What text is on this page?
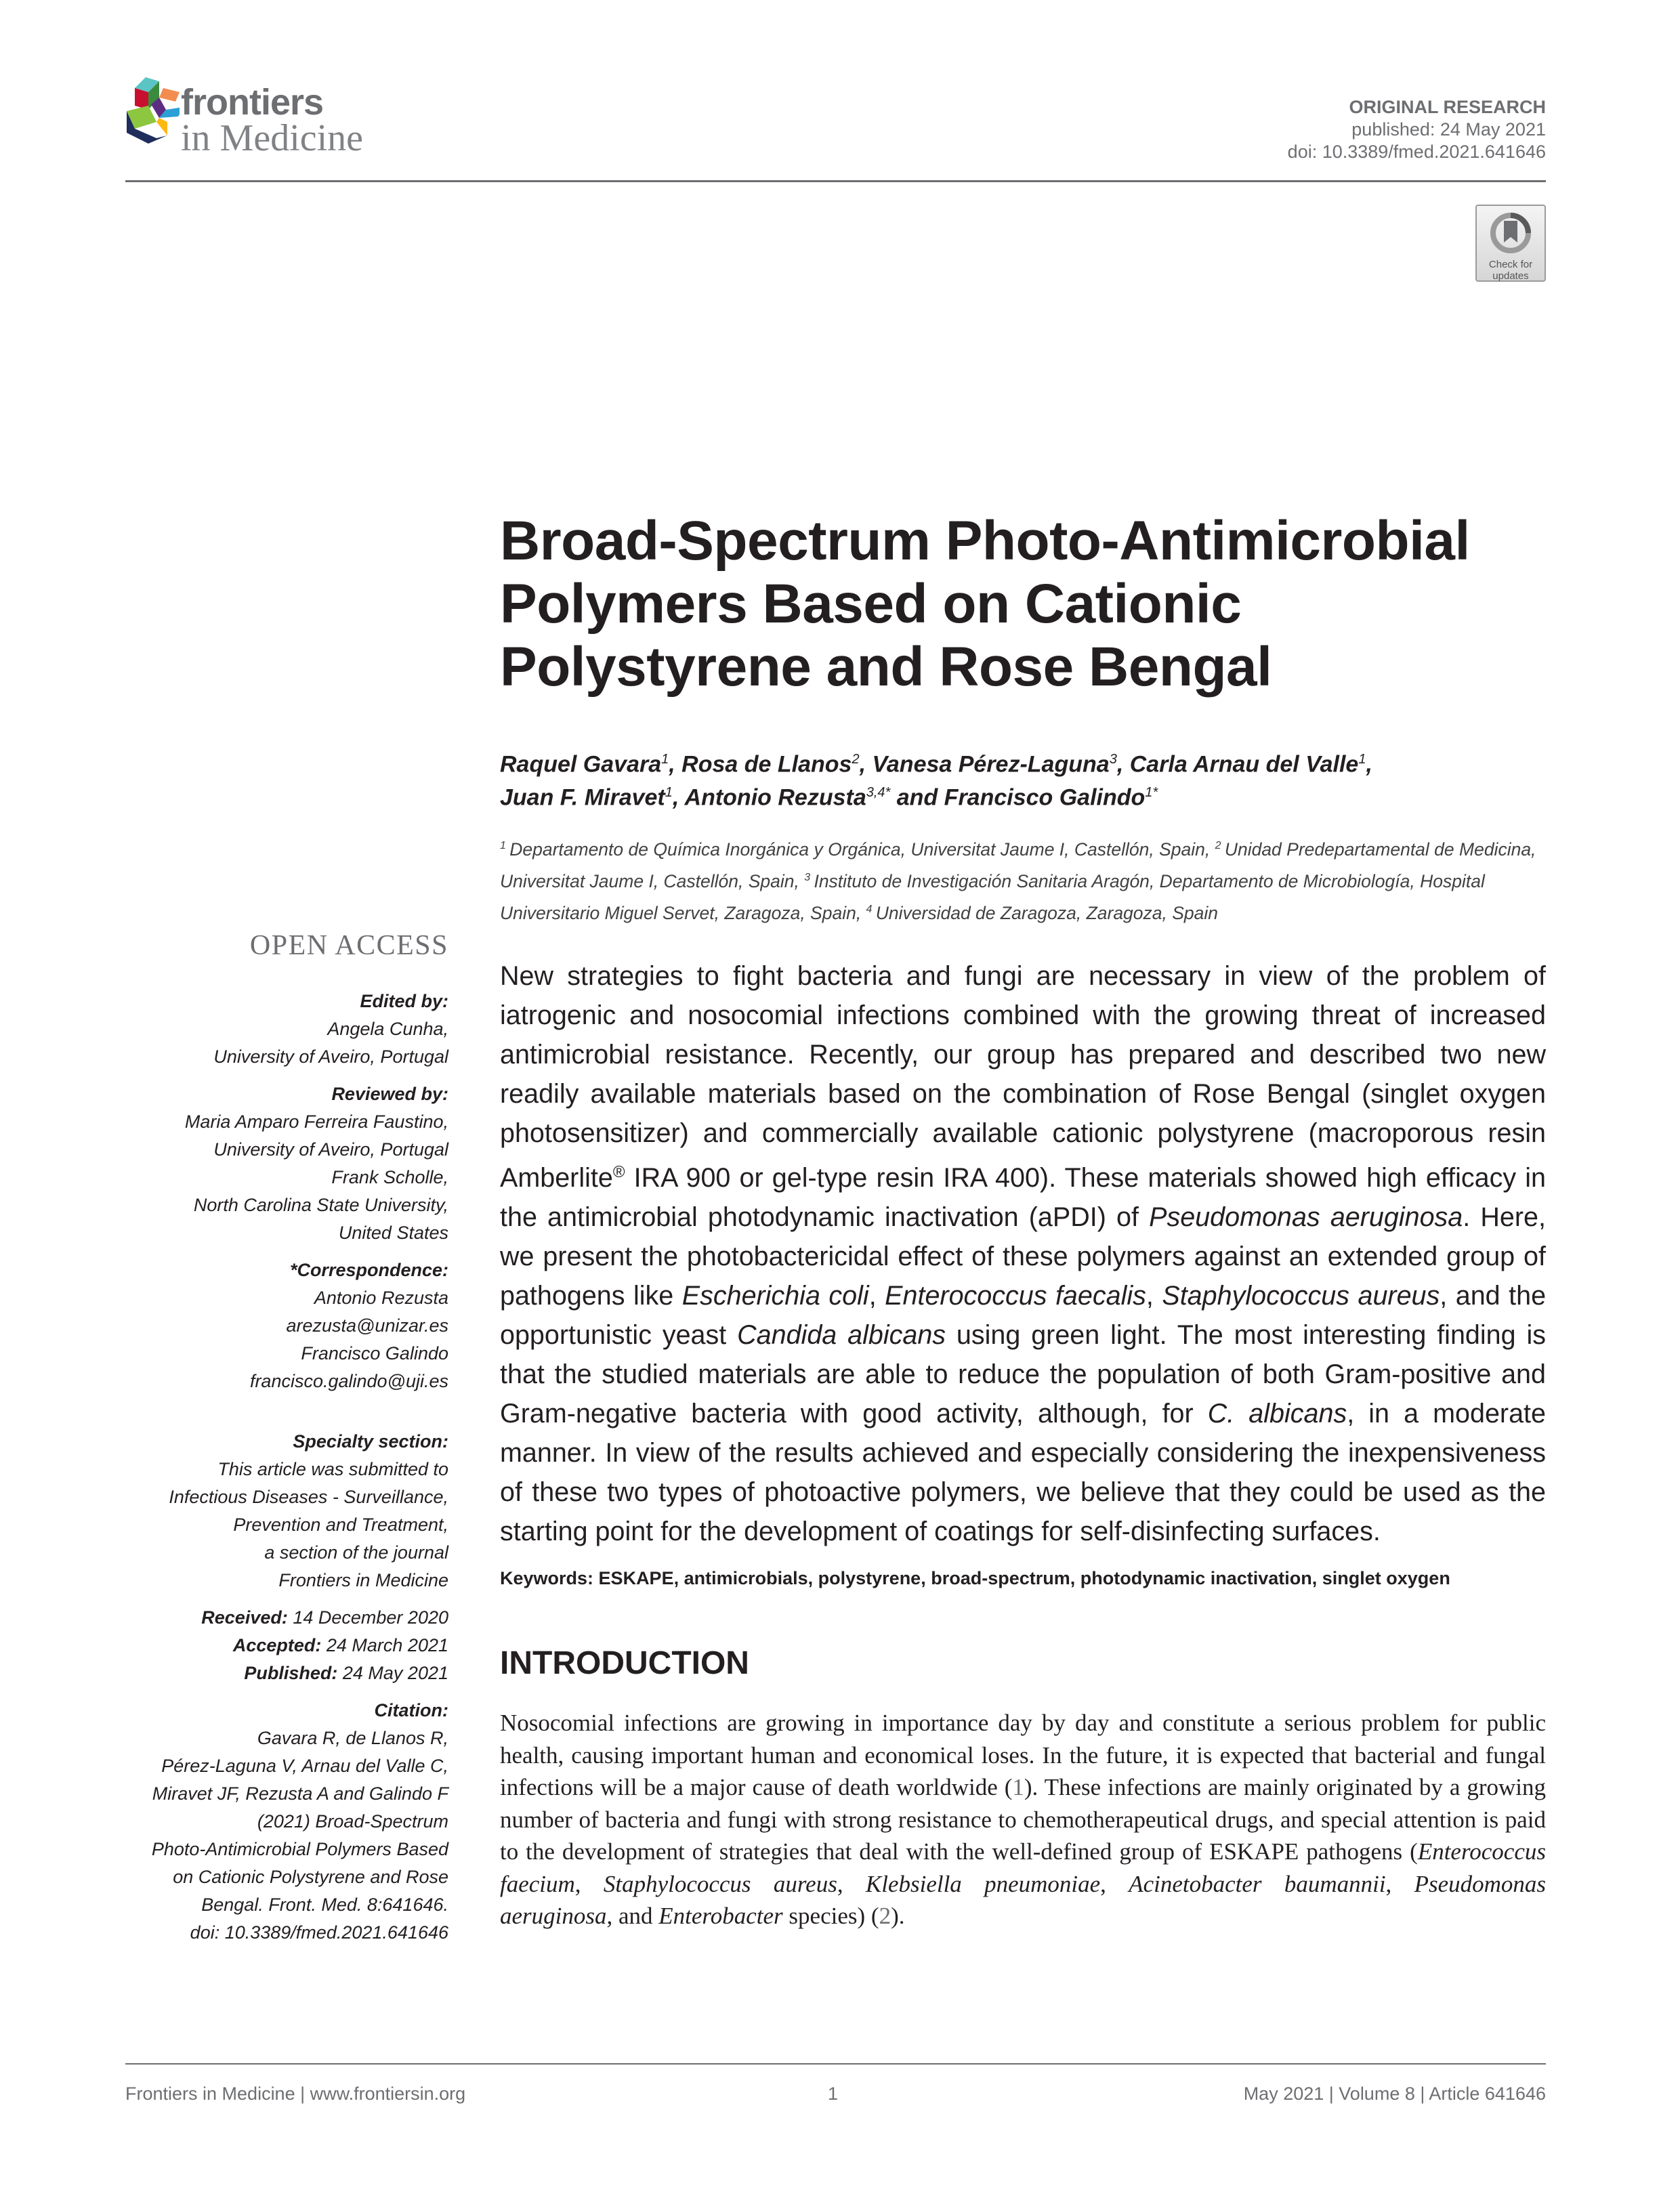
frontiers
in Medicine
ORIGINAL RESEARCH
published: 24 May 2021
doi: 10.3389/fmed.2021.641646
Check for
updates
Broad-Spectrum Photo-Antimicrobial
Polymers Based on Cationic
Polystyrene and Rose Bengal
Raquel Gavara$^1$, Rosa de Llanos$^2$, Vanesa Pérez-Laguna$^3$, Carla Arnau del Valle$^1$,
Juan F. Miravet$^1$, Antonio Rezusta$^{3,4*}$ and Francisco Galindo$^{1*}$
$^1$  Departamento de Química Inorgánica y Orgánica, Universitat Jaume I, Castellón, Spain, $^2$  Unidad Predepartamental de Medicina, Universitat Jaume I, Castellón, Spain, $^3$  Instituto de Investigación Sanitaria Aragón, Departamento de Microbiología, Hospital Universitario Miguel Servet, Zaragoza, Spain, $^4$  Universidad de Zaragoza, Zaragoza, Spain
OPEN ACCESS
Edited by:
Angela Cunha,
University of Aveiro, Portugal
Reviewed by:
Maria Amparo Ferreira Faustino,
University of Aveiro, Portugal
Frank Scholle,
North Carolina State University,
United States
*Correspondence:
Antonio Rezusta
arezusta@unizar.es
Francisco Galindo
francisco.galindo@uji.es
Specialty section:
This article was submitted to
Infectious Diseases - Surveillance,
Prevention and Treatment,
a section of the journal
Frontiers in Medicine
Received: 14 December 2020
Accepted: 24 March 2021
Published: 24 May 2021
Citation:
Gavara R, de Llanos R,
Pérez-Laguna V, Arnau del Valle C,
Miravet JF, Rezusta A and Galindo F
(2021) Broad-Spectrum
Photo-Antimicrobial Polymers Based
on Cationic Polystyrene and Rose
Bengal. Front. Med. 8:641646.
doi: 10.3389/fmed.2021.641646
New strategies to fight bacteria and fungi are necessary in view of the problem of iatrogenic and nosocomial infections combined with the growing threat of increased antimicrobial resistance. Recently, our group has prepared and described two new readily available materials based on the combination of Rose Bengal (singlet oxygen photosensitizer) and commercially available cationic polystyrene (macroporous resin Amberlite® IRA 900 or gel-type resin IRA 400). These materials showed high efficacy in the antimicrobial photodynamic inactivation (aPDI) of Pseudomonas aeruginosa. Here, we present the photobactericidal effect of these polymers against an extended group of pathogens like Escherichia coli, Enterococcus faecalis, Staphylococcus aureus, and the opportunistic yeast Candida albicans using green light. The most interesting finding is that the studied materials are able to reduce the population of both Gram-positive and Gram-negative bacteria with good activity, although, for C. albicans, in a moderate manner. In view of the results achieved and especially considering the inexpensiveness of these two types of photoactive polymers, we believe that they could be used as the starting point for the development of coatings for self-disinfecting surfaces.
Keywords: ESKAPE, antimicrobials, polystyrene, broad-spectrum, photodynamic inactivation, singlet oxygen
INTRODUCTION
Nosocomial infections are growing in importance day by day and constitute a serious problem for public health, causing important human and economical loses. In the future, it is expected that bacterial and fungal infections will be a major cause of death worldwide (1). These infections are mainly originated by a growing number of bacteria and fungi with strong resistance to chemotherapeutical drugs, and special attention is paid to the development of strategies that deal with the well-defined group of ESKAPE pathogens (Enterococcus faecium, Staphylococcus aureus, Klebsiella pneumoniae, Acinetobacter baumannii, Pseudomonas aeruginosa, and Enterobacter species) (2).
Frontiers in Medicine | www.frontiersin.org	1	May 2021 | Volume 8 | Article 641646
